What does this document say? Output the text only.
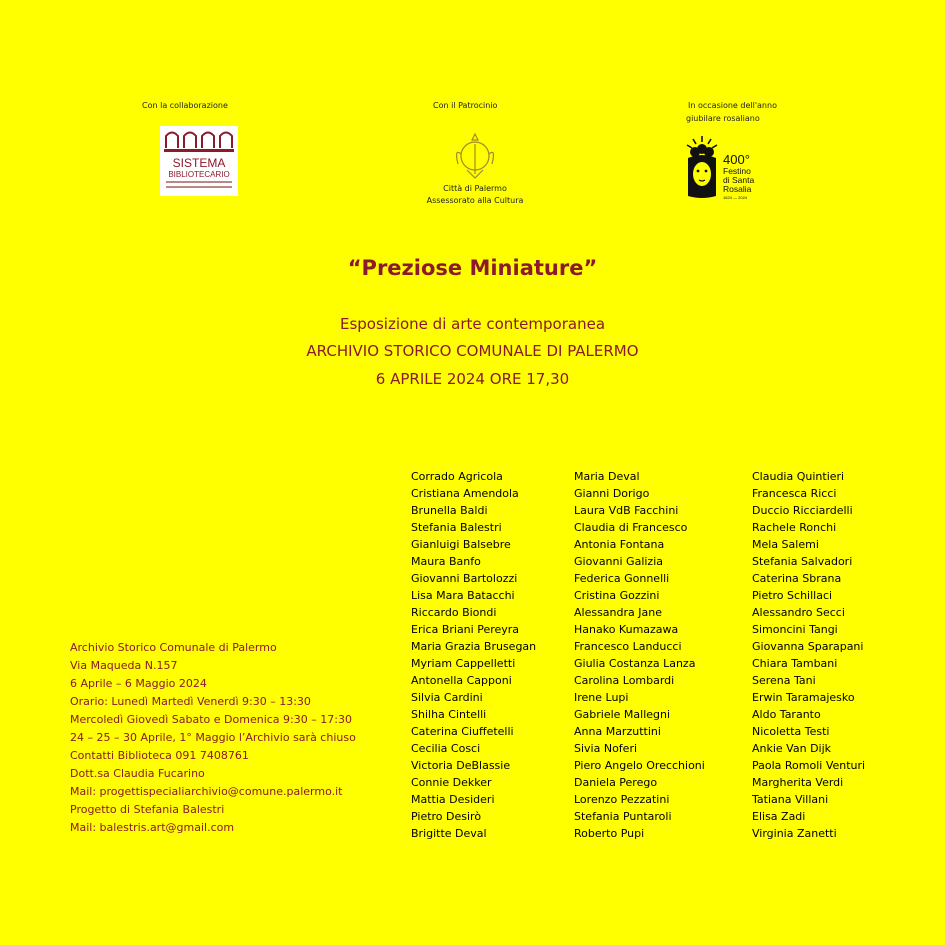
Con la collaborazione	Con il Patrocinio	In occasione dell'anno
giubilare rosaliano
SISTEMA
BIBLIOTECARIO
Città di Palermo
Assessorato alla Cultura
400°
Festino
di Santa
Rosalia
1624 — 2024
“Preziose Miniature”
Esposizione di arte contemporanea
ARCHIVIO STORICO COMUNALE DI PALERMO
6 APRILE 2024 ORE 17,30
Archivio Storico Comunale di Palermo
Via Maqueda N.157
6 Aprile – 6 Maggio 2024
Orario: Lunedì Martedì Venerdì 9:30 – 13:30
Mercoledì Giovedì Sabato e Domenica 9:30 – 17:30
24 – 25 – 30 Aprile, 1° Maggio l’Archivio sarà chiuso
Contatti Biblioteca 091 7408761
Dott.sa Claudia Fucarino
Mail: progettispecialiarchivio@comune.palermo.it
Progetto di Stefania Balestri
Mail: balestris.art@gmail.com
Corrado Agricola
Cristiana Amendola
Brunella Baldi
Stefania Balestri
Gianluigi Balsebre
Maura Banfo
Giovanni Bartolozzi
Lisa Mara Batacchi
Riccardo Biondi
Erica Briani Pereyra
Maria Grazia Brusegan
Myriam Cappelletti
Antonella Capponi
Silvia Cardini
Shilha Cintelli
Caterina Ciuffetelli
Cecilia Cosci
Victoria DeBlassie
Connie Dekker
Mattia Desideri
Pietro Desirò
Brigitte Deval
Maria Deval
Gianni Dorigo
Laura VdB Facchini
Claudia di Francesco
Antonia Fontana
Giovanni Galizia
Federica Gonnelli
Cristina Gozzini
Alessandra Jane
Hanako Kumazawa
Francesco Landucci
Giulia Costanza Lanza
Carolina Lombardi
Irene Lupi
Gabriele Mallegni
Anna Marzuttini
Sivia Noferi
Piero Angelo Orecchioni
Daniela Perego
Lorenzo Pezzatini
Stefania Puntaroli
Roberto Pupi
Claudia Quintieri
Francesca Ricci
Duccio Ricciardelli
Rachele Ronchi
Mela Salemi
Stefania Salvadori
Caterina Sbrana
Pietro Schillaci
Alessandro Secci
Simoncini Tangi
Giovanna Sparapani
Chiara Tambani
Serena Tani
Erwin Taramajesko
Aldo Taranto
Nicoletta Testi
Ankie Van Dijk
Paola Romoli Venturi
Margherita Verdi
Tatiana Villani
Elisa Zadi
Virginia Zanetti
